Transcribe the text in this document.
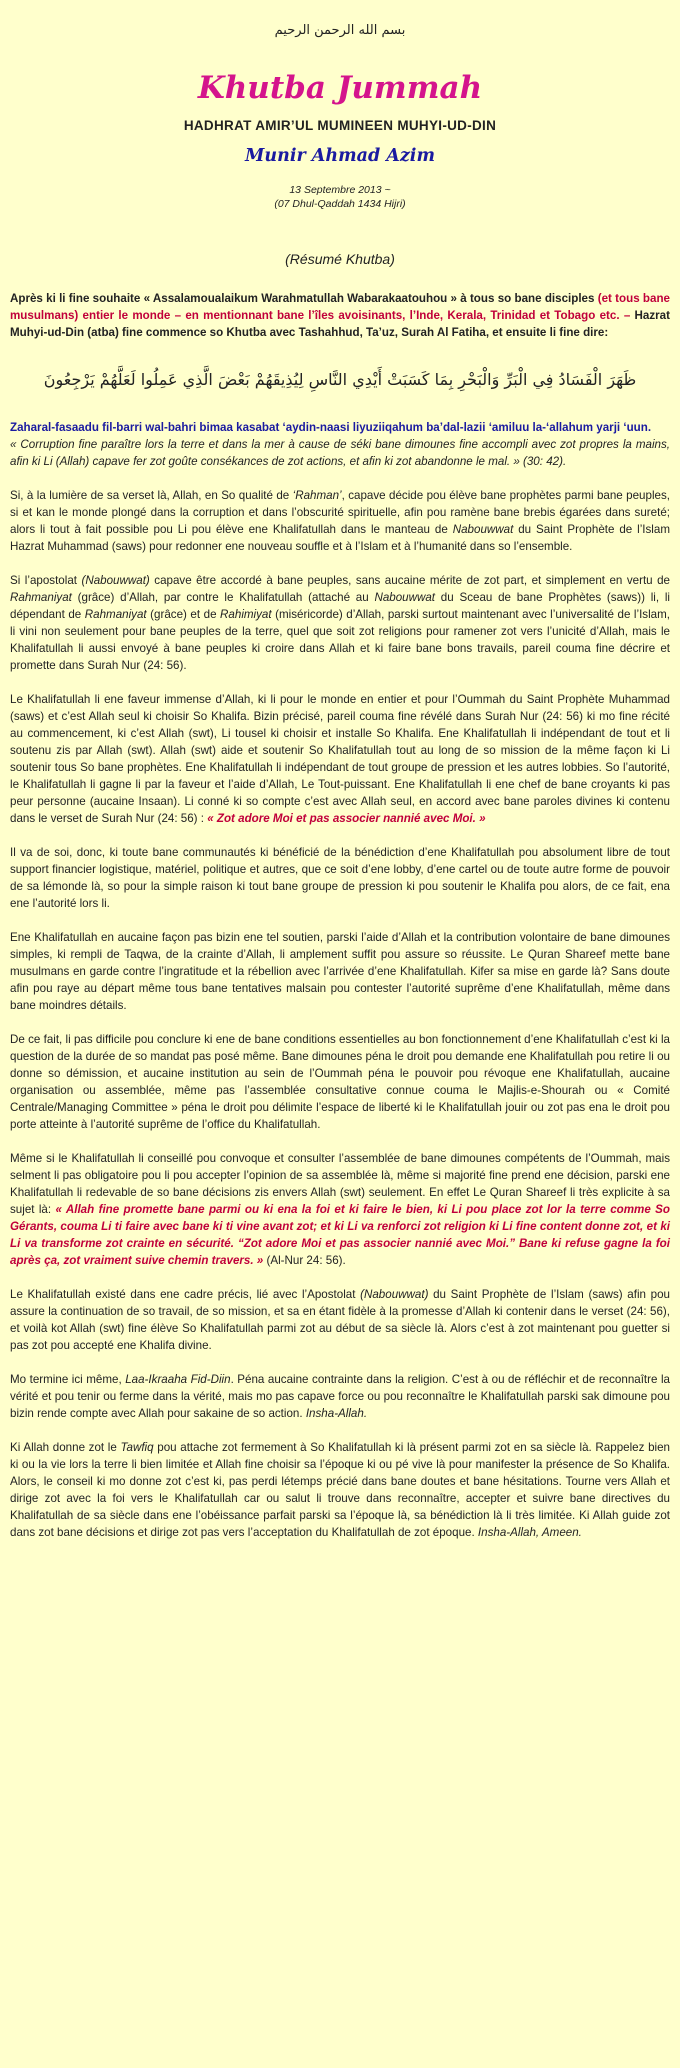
بسم الله الرحمن الرحيم
Khutba Jummah
HADHRAT AMIR’UL MUMINEEN MUHYI-UD-DIN
Munir Ahmad Azim
13 Septembre 2013 ~
(07 Dhul-Qaddah 1434 Hijri)
(Résumé Khutba)

Après ki li fine souhaite « Assalamoualaikum Warahmatullah Wabarakaatouhou » à tous so bane disciples (et tous bane musulmans) entier le monde – en mentionnant bane l’îles avoisinants, l’Inde, Kerala, Trinidad et Tobago etc. – Hazrat Muhyi-ud-Din (atba) fine commence so Khutba avec Tashahhud, Ta’uz, Surah Al Fatiha, et ensuite li fine dire:

ظَهَرَ الْفَسَادُ فِي الْبَرِّ وَالْبَحْرِ بِمَا كَسَبَتْ أَيْدِي النَّاسِ لِيُذِيقَهُمْ بَعْضَ الَّذِي عَمِلُوا لَعَلَّهُمْ يَرْجِعُونَ

Zaharal-fasaadu fil-barri wal-bahri bimaa kasabat ‘aydin-naasi liyuziiqahum ba’dal-lazii ‘amiluu la-‘allahum yarji ‘uun.

« Corruption fine paraître lors la terre et dans la mer à cause de séki bane dimounes fine accompli avec zot propres la mains, afin ki Li (Allah) capave fer zot goûte consékances de zot actions, et afin ki zot abandonne le mal. » (30: 42).

Si, à la lumière de sa verset là, Allah, en So qualité de ‘Rahman’, capave décide pou élève bane prophètes parmi bane peuples, si et kan le monde plongé dans la corruption et dans l’obscurité spirituelle, afin pou ramène bane brebis égarées dans sureté; alors li tout à fait possible pou Li pou élève ene Khalifatullah dans le manteau de Nabouwwat du Saint Prophète de l’Islam Hazrat Muhammad (saws) pour redonner ene nouveau souffle et à l’Islam et à l’humanité dans so l’ensemble.

Si l’apostolat (Nabouwwat) capave être accordé à bane peuples, sans aucaine mérite de zot part, et simplement en vertu de Rahmaniyat (grâce) d’Allah, par contre le Khalifatullah (attaché au Nabouwwat du Sceau de bane Prophètes (saws)) li, li dépendant de Rahmaniyat (grâce) et de Rahimiyat (miséricorde) d’Allah, parski surtout maintenant avec l’universalité de l’Islam, li vini non seulement pour bane peuples de la terre, quel que soit zot religions pour ramener zot vers l’unicité d’Allah, mais le Khalifatullah li aussi envoyé à bane peuples ki croire dans Allah et ki faire bane bons travails, pareil couma fine décrire et promette dans Surah Nur (24: 56).

Le Khalifatullah li ene faveur immense d’Allah, ki li pour le monde en entier et pour l’Oummah du Saint Prophète Muhammad (saws) et c’est Allah seul ki choisir So Khalifa. Bizin précisé, pareil couma fine révélé dans Surah Nur (24: 56) ki mo fine récité au commencement, ki c’est Allah (swt), Li tousel ki choisir et installe So Khalifa. Ene Khalifatullah li indépendant de tout et li soutenu zis par Allah (swt). Allah (swt) aide et soutenir So Khalifatullah tout au long de so mission de la même façon ki Li soutenir tous So bane prophètes. Ene Khalifatullah li indépendant de tout groupe de pression et les autres lobbies. So l’autorité, le Khalifatullah li gagne li par la faveur et l’aide d’Allah, Le Tout-puissant. Ene Khalifatullah li ene chef de bane croyants ki pas peur personne (aucaine Insaan). Li conné ki so compte c’est avec Allah seul, en accord avec bane paroles divines ki contenu dans le verset de Surah Nur (24: 56) : « Zot adore Moi et pas associer nannié avec Moi. »

Il va de soi, donc, ki toute bane communautés ki bénéficié de la bénédiction d’ene Khalifatullah pou absolument libre de tout support financier logistique, matériel, politique et autres, que ce soit d’ene lobby, d’ene cartel ou de toute autre forme de pouvoir de sa lémonde là, so pour la simple raison ki tout bane groupe de pression ki pou soutenir le Khalifa pou alors, de ce fait, ena ene l’autorité lors li.

Ene Khalifatullah en aucaine façon pas bizin ene tel soutien, parski l’aide d’Allah et la contribution volontaire de bane dimounes simples, ki rempli de Taqwa, de la crainte d’Allah, li amplement suffit pou assure so réussite. Le Quran Shareef mette bane musulmans en garde contre l’ingratitude et la rébellion avec l’arrivée d’ene Khalifatullah. Kifer sa mise en garde là? Sans doute afin pou raye au départ même tous bane tentatives malsain pou contester l’autorité suprême d’ene Khalifatullah, même dans bane moindres détails.

De ce fait, li pas difficile pou conclure ki ene de bane conditions essentielles au bon fonctionnement d’ene Khalifatullah c’est ki la question de la durée de so mandat pas posé même. Bane dimounes péna le droit pou demande ene Khalifatullah pou retire li ou donne so démission, et aucaine institution au sein de l’Oummah péna le pouvoir pou révoque ene Khalifatullah, aucaine organisation ou assemblée, même pas l’assemblée consultative connue couma le Majlis-e-Shourah ou « Comité Centrale/Managing Committee » péna le droit pou délimite l’espace de liberté ki le Khalifatullah jouir ou zot pas ena le droit pou porte atteinte à l’autorité suprême de l’office du Khalifatullah.

Même si le Khalifatullah li conseillé pou convoque et consulter l’assemblée de bane dimounes compétents de l’Oummah, mais selment li pas obligatoire pou li pou accepter l’opinion de sa assemblée là, même si majorité fine prend ene décision, parski ene Khalifatullah li redevable de so bane décisions zis envers Allah (swt) seulement. En effet Le Quran Shareef li très explicite à sa sujet là: « Allah fine promette bane parmi ou ki ena la foi et ki faire le bien, ki Li pou place zot lor la terre comme So Gérants, couma Li ti faire avec bane ki ti vine avant zot; et ki Li va renforci zot religion ki Li fine content donne zot, et ki Li va transforme zot crainte en sécurité. “Zot adore Moi et pas associer nannié avec Moi.” Bane ki refuse gagne la foi après ça, zot vraiment suive chemin travers. » (Al-Nur 24: 56).

Le Khalifatullah existé dans ene cadre précis, lié avec l’Apostolat (Nabouwwat) du Saint Prophète de l’Islam (saws) afin pou assure la continuation de so travail, de so mission, et sa en étant fidèle à la promesse d’Allah ki contenir dans le verset (24: 56), et voilà kot Allah (swt) fine élève So Khalifatullah parmi zot au début de sa siècle là. Alors c’est à zot maintenant pou guetter si pas zot pou accepté ene Khalifa divine.

Mo termine ici même, Laa-Ikraaha Fid-Diin. Péna aucaine contrainte dans la religion. C’est à ou de réfléchir et de reconnaître la vérité et pou tenir ou ferme dans la vérité, mais mo pas capave force ou pou reconnaître le Khalifatullah parski sak dimoune pou bizin rende compte avec Allah pour sakaine de so action. Insha-Allah.

Ki Allah donne zot le Tawfiq pou attache zot fermement à So Khalifatullah ki là présent parmi zot en sa siècle là. Rappelez bien ki ou la vie lors la terre li bien limitée et Allah fine choisir sa l’époque ki ou pé vive là pour manifester la présence de So Khalifa. Alors, le conseil ki mo donne zot c’est ki, pas perdi létemps précié dans bane doutes et bane hésitations. Tourne vers Allah et dirige zot avec la foi vers le Khalifatullah car ou salut li trouve dans reconnaître, accepter et suivre bane directives du Khalifatullah de sa siècle dans ene l’obéissance parfait parski sa l’époque là, sa bénédiction là li très limitée. Ki Allah guide zot dans zot bane décisions et dirige zot pas vers l’acceptation du Khalifatullah de zot époque. Insha-Allah, Ameen.
